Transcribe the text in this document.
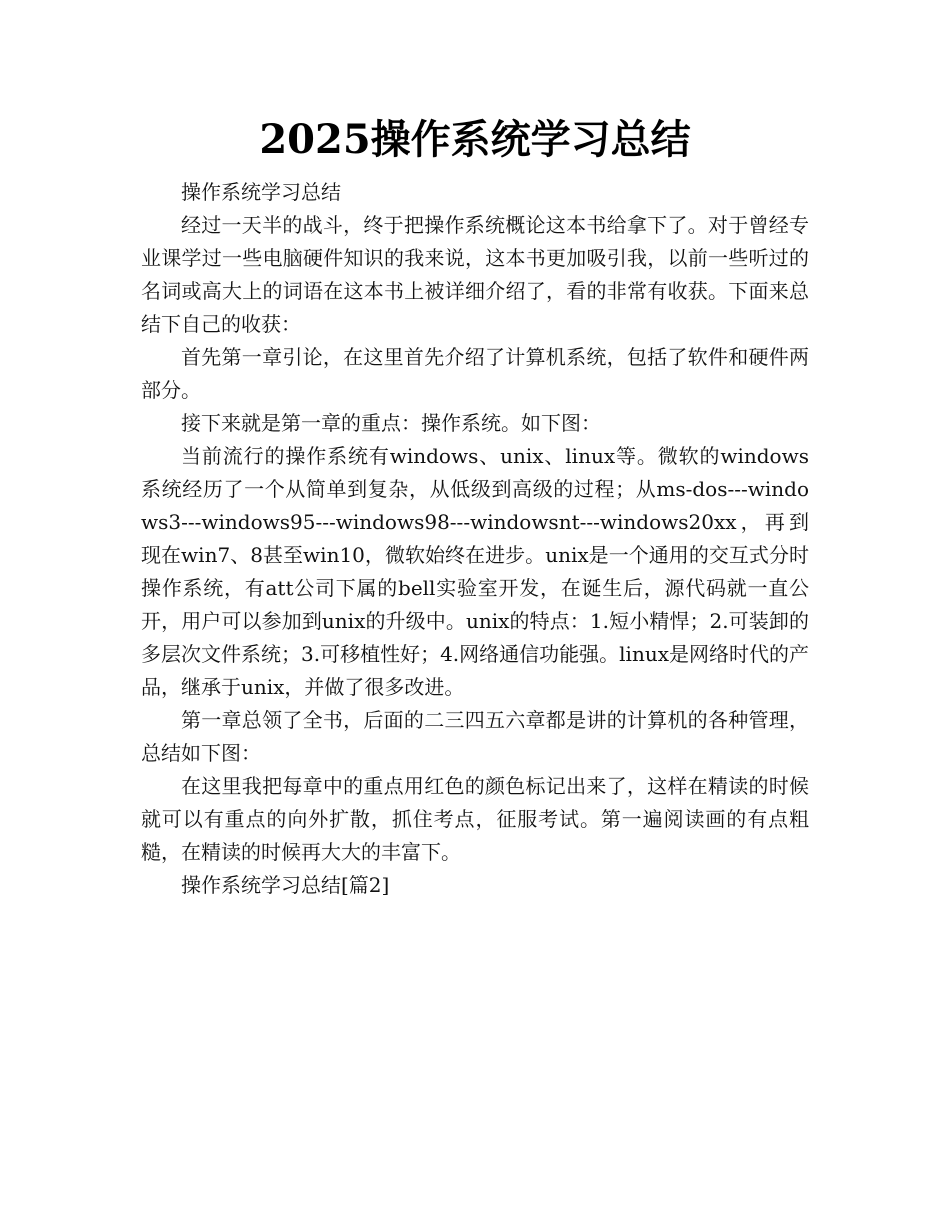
2025操作系统学习总结

操作系统学习总结

经过一天半的战斗，终于把操作系统概论这本书给拿下了。对于曾经专业课学过一些电脑硬件知识的我来说，这本书更加吸引我，以前一些听过的名词或高大上的词语在这本书上被详细介绍了，看的非常有收获。下面来总结下自己的收获：

首先第一章引论，在这里首先介绍了计算机系统，包括了软件和硬件两部分。

接下来就是第一章的重点：操作系统。如下图：

当前流行的操作系统有windows、unix、linux等。微软的windows系统经历了一个从简单到复杂，从低级到高级的过程；从ms-dos---windows3---windows95---windows98---windowsnt---windows20xx，再到现在win7、8甚至win10，微软始终在进步。unix是一个通用的交互式分时操作系统，有att公司下属的bell实验室开发，在诞生后，源代码就一直公开，用户可以参加到unix的升级中。unix的特点：1.短小精悍；2.可装卸的多层次文件系统；3.可移植性好；4.网络通信功能强。linux是网络时代的产品，继承于unix，并做了很多改进。

第一章总领了全书，后面的二三四五六章都是讲的计算机的各种管理，总结如下图：

在这里我把每章中的重点用红色的颜色标记出来了，这样在精读的时候就可以有重点的向外扩散，抓住考点，征服考试。第一遍阅读画的有点粗糙，在精读的时候再大大的丰富下。

操作系统学习总结[篇2]
